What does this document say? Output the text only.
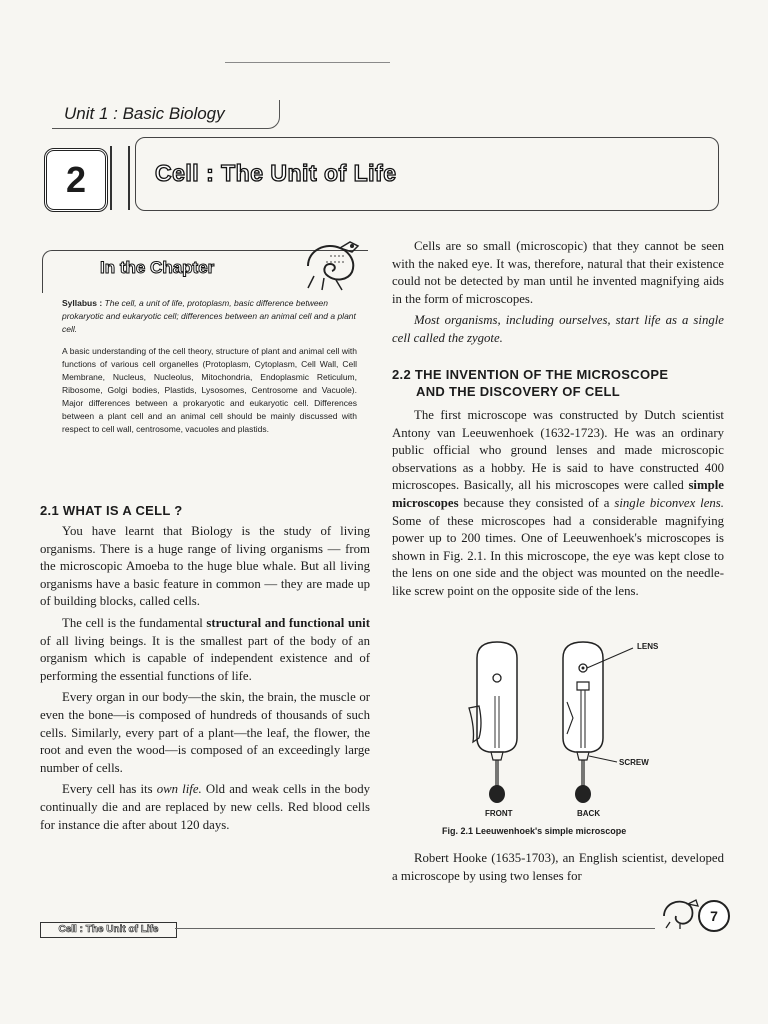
Unit 1 : Basic Biology
2	Cell : The Unit of Life
In the Chapter
Syllabus : The cell, a unit of life, protoplasm, basic difference between prokaryotic and eukaryotic cell; differences between an animal cell and a plant cell.
A basic understanding of the cell theory, structure of plant and animal cell with functions of various cell organelles (Protoplasm, Cytoplasm, Cell Wall, Cell Membrane, Nucleus, Nucleolus, Mitochondria, Endoplasmic Reticulum, Ribosome, Golgi bodies, Plastids, Lysosomes, Centrosome and Vacuole). Major differences between a prokaryotic and eukaryotic cell. Differences between a plant cell and an animal cell should be mainly discussed with respect to cell wall, centrosome, vacuoles and plastids.
2.1 WHAT IS A CELL ?

You have learnt that Biology is the study of living organisms. There is a huge range of living organisms — from the microscopic Amoeba to the huge blue whale. But all living organisms have a basic feature in common — they are made up of building blocks, called cells.

The cell is the fundamental structural and functional unit of all living beings. It is the smallest part of the body of an organism which is capable of independent existence and of performing the essential functions of life.

Every organ in our body—the skin, the brain, the muscle or even the bone—is composed of hundreds of thousands of such cells. Similarly, every part of a plant—the leaf, the flower, the root and even the wood—is composed of an exceedingly large number of cells.

Every cell has its own life. Old and weak cells in the body continually die and are replaced by new cells. Red blood cells for instance die after about 120 days.

Cells are so small (microscopic) that they cannot be seen with the naked eye. It was, therefore, natural that their existence could not be detected by man until he invented magnifying aids in the form of microscopes.

Most organisms, including ourselves, start life as a single cell called the zygote.

2.2 THE INVENTION OF THE MICROSCOPE
AND THE DISCOVERY OF CELL

The first microscope was constructed by Dutch scientist Antony van Leeuwenhoek (1632-1723). He was an ordinary public official who ground lenses and made microscopic observations as a hobby. He is said to have constructed 400 microscopes. Basically, all his microscopes were called simple microscopes because they consisted of a single biconvex lens. Some of these microscopes had a considerable magnifying power up to 200 times. One of Leeuwenhoek's microscopes is shown in Fig. 2.1. In this microscope, the eye was kept close to the lens on one side and the object was mounted on the needle-like screw point on the opposite side of the lens.

LENS
SCREW
FRONT	BACK
Fig. 2.1 Leeuwenhoek's simple microscope

Robert Hooke (1635-1703), an English scientist, developed a microscope by using two lenses for

Cell : The Unit of Life
7
